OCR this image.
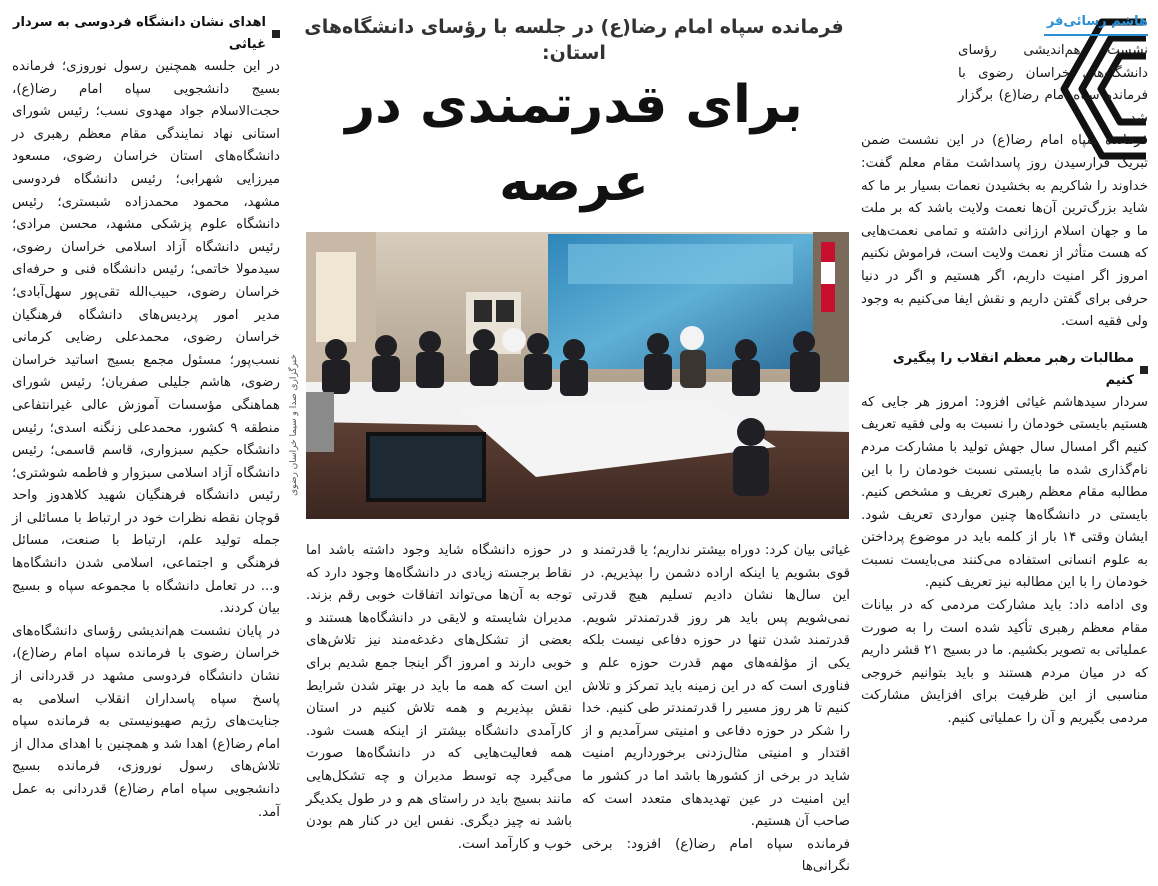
هاشم رسائی‌فر

نشست هم‌اندیشی رؤسای دانشگاه‌های خراسان رضوی با فرمانده سپاه امام رضا(ع) برگزار شد.

فرمانده سپاه امام رضا(ع) در این نشست ضمن تبریک فرارسیدن روز پاسداشت مقام معلم گفت: خداوند را شاکریم به بخشیدن نعمات بسیار بر ما که شاید بزرگ‌ترین آن‌ها نعمت ولایت باشد که بر ملت ما و جهان اسلام ارزانی داشته و تمامی نعمت‌هایی که هست متأثر از نعمت ولایت است، فراموش نکنیم امروز اگر امنیت داریم، اگر هستیم و اگر در دنیا حرفی برای گفتن داریم و نقش ایفا می‌کنیم به وجود ولی فقیه است.

مطالبات رهبر معظم انقلاب را پیگیری کنیم

سردار سیدهاشم غیاثی افزود: امروز هر جایی که هستیم بایستی خودمان را نسبت به ولی فقیه تعریف کنیم اگر امسال سال جهش تولید با مشارکت مردم نام‌گذاری شده ما بایستی نسبت خودمان را با این مطالبه مقام معظم رهبری تعریف و مشخص کنیم. بایستی در دانشگاه‌ها چنین مواردی تعریف شود. ایشان وقتی ۱۴ بار از کلمه باید در موضوع پرداختن به علوم انسانی استفاده می‌کنند می‌بایست نسبت خودمان را با این مطالبه نیز تعریف کنیم.

وی ادامه داد: باید مشارکت مردمی که در بیانات مقام معظم رهبری تأکید شده است را به صورت عملیاتی به تصویر بکشیم. ما در بسیج ۲۱ قشر داریم که در میان مردم هستند و باید بتوانیم خروجی مناسبی از این ظرفیت برای افزایش مشارکت مردمی بگیریم و آن را عملیاتی کنیم.

فرمانده سپاه امام رضا(ع) در جلسه با رؤسای دانشگاه‌های استان:
برای قدرتمندی در عرصه
خبرگزاری صدا و سیما خراسان رضوی

غیاثی بیان کرد: دوراه بیشتر نداریم؛ یا قدرتمند و قوی بشویم یا اینکه اراده دشمن را بپذیریم. در این سال‌ها نشان دادیم تسلیم هیچ قدرتی نمی‌شویم پس باید هر روز قدرتمندتر شویم. قدرتمند شدن تنها در حوزه دفاعی نیست بلکه یکی از مؤلفه‌های مهم قدرت حوزه علم و فناوری است که در این زمینه باید تمرکز و تلاش کنیم تا هر روز مسیر را قدرتمندتر طی کنیم. خدا را شکر در حوزه دفاعی و امنیتی سرآمدیم و از اقتدار و امنیتی مثال‌زدنی برخورداریم امنیت شاید در برخی از کشورها باشد اما در کشور ما این امنیت در عین تهدیدهای متعدد است که صاحب آن هستیم.

فرمانده سپاه امام رضا(ع) افزود: برخی نگرانی‌ها

در حوزه دانشگاه شاید وجود داشته باشد اما نقاط برجسته زیادی در دانشگاه‌ها وجود دارد که توجه به آن‌ها می‌تواند اتفاقات خوبی رقم بزند. مدیران شایسته و لایقی در دانشگاه‌ها هستند و بعضی از تشکل‌های دغدغه‌مند نیز تلاش‌های خوبی دارند و امروز اگر اینجا جمع شدیم برای این است که همه ما باید در بهتر شدن شرایط نقش بپذیریم و همه تلاش کنیم در استان کارآمدی دانشگاه بیشتر از اینکه هست شود. همه فعالیت‌هایی که در دانشگاه‌ها صورت می‌گیرد چه توسط مدیران و چه تشکل‌هایی مانند بسیج باید در راستای هم و در طول یکدیگر باشد نه چیز دیگری. نفس این در کنار هم بودن خوب و کارآمد است.

اهدای نشان دانشگاه فردوسی به سردار غیاثی

در این جلسه همچنین رسول نوروزی؛ فرمانده بسیج دانشجویی سپاه امام رضا(ع)، حجت‌الاسلام جواد مهدوی نسب؛ رئیس شورای استانی نهاد نمایندگی مقام معظم رهبری در دانشگاه‌های استان خراسان رضوی، مسعود میرزایی شهرابی؛ رئیس دانشگاه فردوسی مشهد، محمود محمدزاده شبستری؛ رئیس دانشگاه علوم پزشکی مشهد، محسن مرادی؛ رئیس دانشگاه آزاد اسلامی خراسان رضوی، سیدمولا خاتمی؛ رئیس دانشگاه فنی و حرفه‌ای خراسان رضوی، حبیب‌الله تقی‌پور سهل‌آبادی؛ مدیر امور پردیس‌های دانشگاه فرهنگیان خراسان رضوی، محمدعلی رضایی کرمانی نسب‌پور؛ مسئول مجمع بسیج اساتید خراسان رضوی، هاشم جلیلی صفریان؛ رئیس شورای هماهنگی مؤسسات آموزش عالی غیرانتفاعی منطقه ۹ کشور، محمدعلی زنگنه اسدی؛ رئیس دانشگاه حکیم سبزواری، قاسم قاسمی؛ رئیس دانشگاه آزاد اسلامی سبزوار و فاطمه شوشتری؛ رئیس دانشگاه فرهنگیان شهید کلاهدوز واحد قوچان نقطه نظرات خود در ارتباط با مسائلی از جمله تولید علم، ارتباط با صنعت، مسائل فرهنگی و اجتماعی، اسلامی شدن دانشگاه‌ها و... در تعامل دانشگاه با مجموعه سپاه و بسیج بیان کردند.

در پایان نشست هم‌اندیشی رؤسای دانشگاه‌های خراسان رضوی با فرمانده سپاه امام رضا(ع)، نشان دانشگاه فردوسی مشهد در قدردانی از پاسخ سپاه پاسداران انقلاب اسلامی به جنایت‌های رژیم صهیونیستی به فرمانده سپاه امام رضا(ع) اهدا شد و همچنین با اهدای مدال از تلاش‌های رسول نوروزی، فرمانده بسیج دانشجویی سپاه امام رضا(ع) قدردانی به عمل آمد.
